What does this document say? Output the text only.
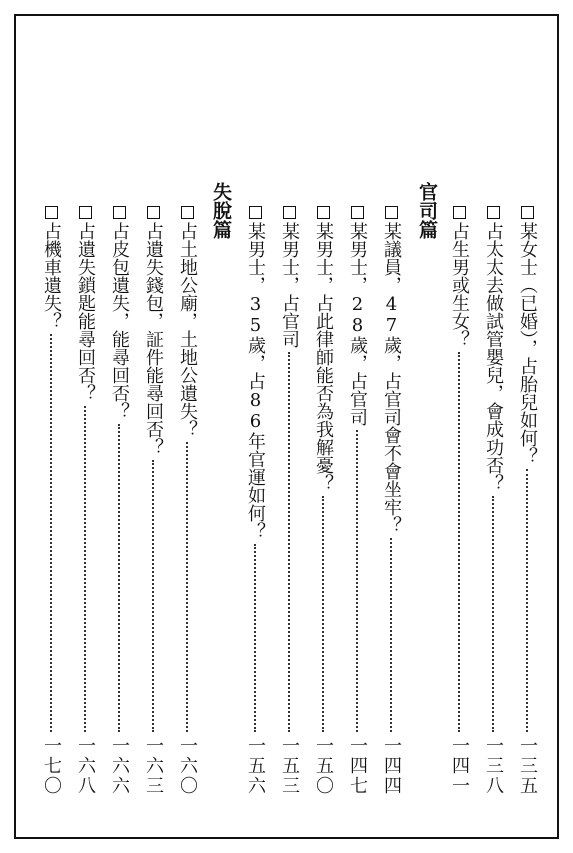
官司篇
失脫篇
某女士（已婚），占胎兒如何？
一三五
占太太去做試管嬰兒，會成功否？
一三八
占生男或生女？
一四一
某議員，47歲，占官司會不會坐牢？
一四四
某男士，28歲，占官司
一四七
某男士，占此律師能否為我解憂？
一五〇
某男士，占官司
一五三
某男士，35歲，占86年官運如何？
一五六
占土地公廟，土地公遺失？
一六〇
占遺失錢包，証件能尋回否？
一六三
占皮包遺失，能尋回否？
一六六
占遺失鎖匙能尋回否？
一六八
占機車遺失？
一七〇
